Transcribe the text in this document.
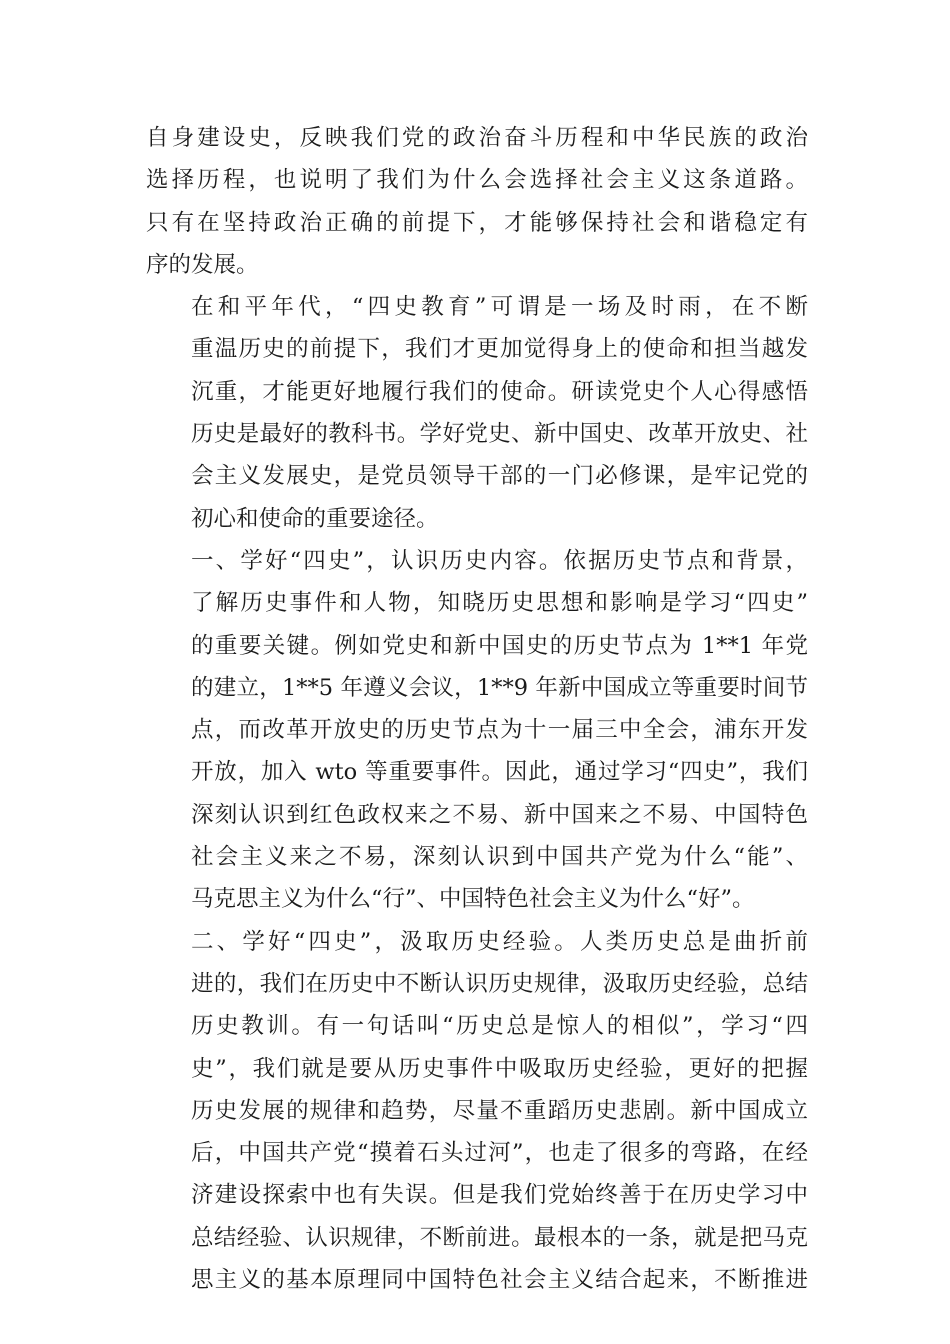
自身建设史，反映我们党的政治奋斗历程和中华民族的政治
选择历程，也说明了我们为什么会选择社会主义这条道路。
只有在坚持政治正确的前提下，才能够保持社会和谐稳定有
序的发展。
在和平年代，“四史教育”可谓是一场及时雨，在不断
重温历史的前提下，我们才更加觉得身上的使命和担当越发
沉重，才能更好地履行我们的使命。研读党史个人心得感悟
历史是最好的教科书。学好党史、新中国史、改革开放史、社
会主义发展史，是党员领导干部的一门必修课，是牢记党的
初心和使命的重要途径。
一、学好“四史”，认识历史内容。依据历史节点和背景，
了解历史事件和人物，知晓历史思想和影响是学习“四史”
的重要关键。例如党史和新中国史的历史节点为 1**1 年党
的建立，1**5 年遵义会议，1**9 年新中国成立等重要时间节
点，而改革开放史的历史节点为十一届三中全会，浦东开发
开放，加入 wto 等重要事件。因此，通过学习“四史”，我们
深刻认识到红色政权来之不易、新中国来之不易、中国特色
社会主义来之不易，深刻认识到中国共产党为什么“能”、
马克思主义为什么“行”、中国特色社会主义为什么“好”。
二、学好“四史”，汲取历史经验。人类历史总是曲折前
进的，我们在历史中不断认识历史规律，汲取历史经验，总结
历史教训。有一句话叫“历史总是惊人的相似”，学习“四
史”，我们就是要从历史事件中吸取历史经验，更好的把握
历史发展的规律和趋势，尽量不重蹈历史悲剧。新中国成立
后，中国共产党“摸着石头过河”，也走了很多的弯路，在经
济建设探索中也有失误。但是我们党始终善于在历史学习中
总结经验、认识规律，不断前进。最根本的一条，就是把马克
思主义的基本原理同中国特色社会主义结合起来，不断推进
